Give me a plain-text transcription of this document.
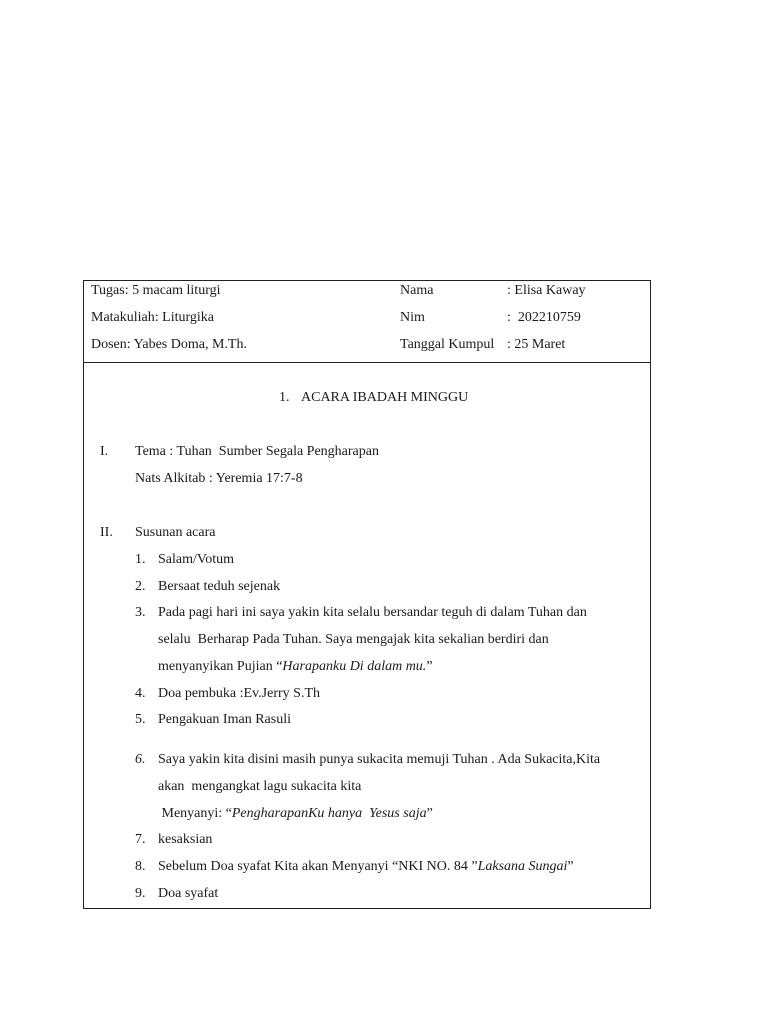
Tugas: 5 macam liturgi
Matakuliah: Liturgika
Dosen: Yabes Doma, M.Th.
Nama	: Elisa Kaway
Nim	:  202210759
Tanggal Kumpul : 25 Maret
1. ACARA IBADAH MINGGU
I. Tema : Tuhan  Sumber Segala Pengharapan
Nats Alkitab : Yeremia 17:7-8
II. Susunan acara
1. Salam/Votum
2. Bersaat teduh sejenak
3. Pada pagi hari ini saya yakin kita selalu bersandar teguh di dalam Tuhan dan
selalu  Berharap Pada Tuhan. Saya mengajak kita sekalian berdiri dan
menyanyikan Pujian “Harapanku Di dalam mu.”
4. Doa pembuka :Ev.Jerry S.Th
5. Pengakuan Iman Rasuli
6. Saya yakin kita disini masih punya sukacita memuji Tuhan . Ada Sukacita,Kita
akan  mengangkat lagu sukacita kita
Menyanyi: “PengharapanKu hanya  Yesus saja”
7. kesaksian
8. Sebelum Doa syafat Kita akan Menyanyi “NKI NO. 84 ”Laksana Sungai”
9. Doa syafat
